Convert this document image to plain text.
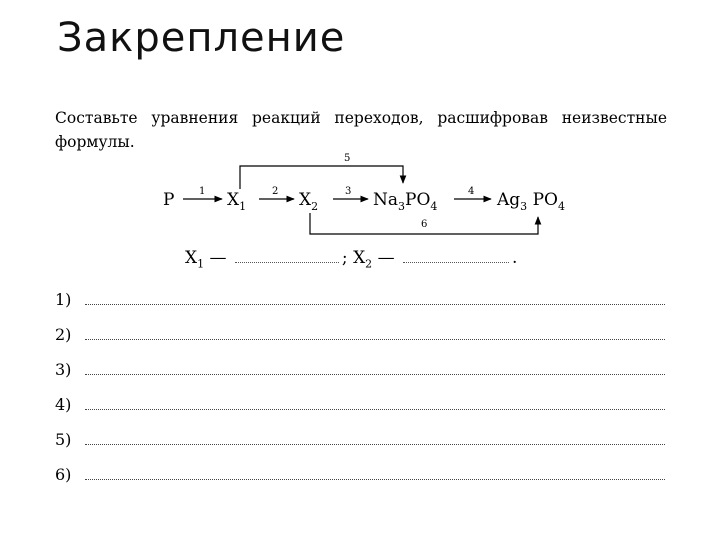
Закрепление
Составьте уравнения реакций переходов, расшифровав неизвестные формулы.
P	$X_1$	$X_2$	$Na_3PO_4$	$Ag_3$ $PO_4$
1	2	3	4
5
6
$X_1$ —	; $X_2$ —	.
1)
2)
3)
4)
5)
6)
